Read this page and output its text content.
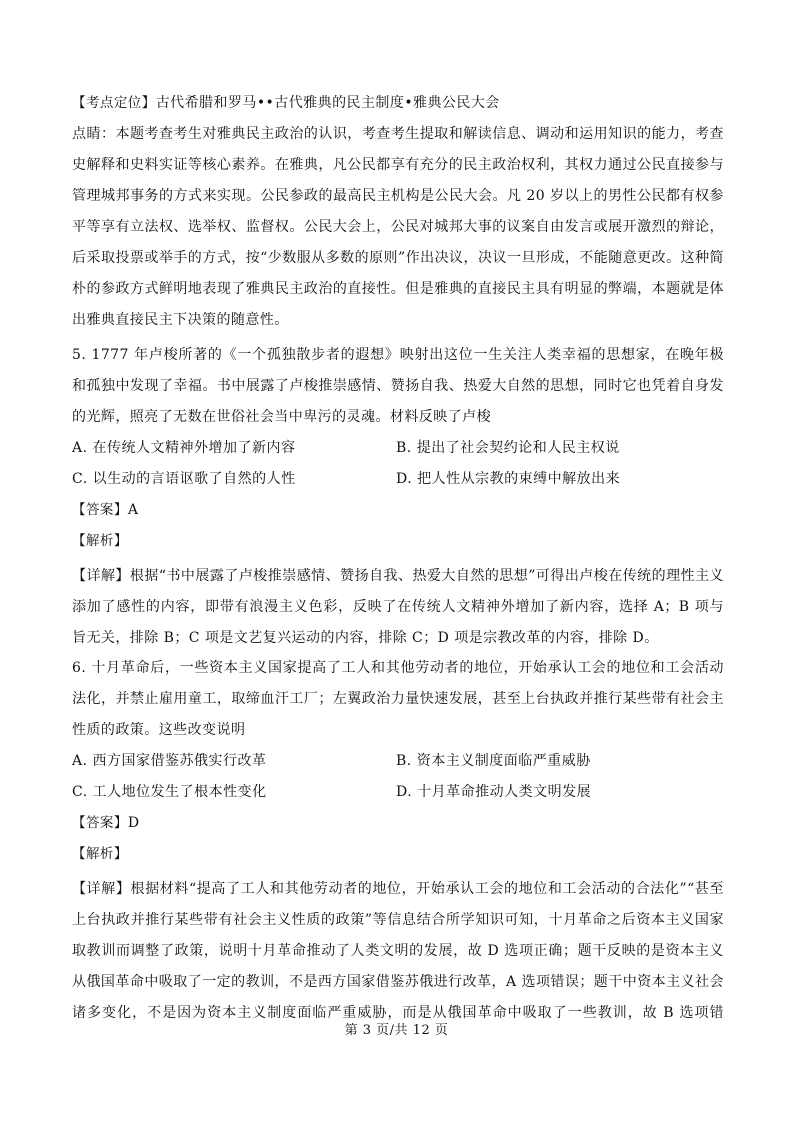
【考点定位】古代希腊和罗马••古代雅典的民主制度•雅典公民大会
点睛：本题考查考生对雅典民主政治的认识，考查考生提取和解读信息、调动和运用知识的能力，考查
史解释和史料实证等核心素养。在雅典，凡公民都享有充分的民主政治权利，其权力通过公民直接参与
管理城邦事务的方式来实现。公民参政的最高民主机构是公民大会。凡 20 岁以上的男性公民都有权参
平等享有立法权、选举权、监督权。公民大会上，公民对城邦大事的议案自由发言或展开激烈的辩论，
后采取投票或举手的方式，按“少数服从多数的原则”作出决议，决议一旦形成，不能随意更改。这种简
朴的参政方式鲜明地表现了雅典民主政治的直接性。但是雅典的直接民主具有明显的弊端，本题就是体
出雅典直接民主下决策的随意性。
5. 1777 年卢梭所著的《一个孤独散步者的遐想》映射出这位一生关注人类幸福的思想家，在晚年极
和孤独中发现了幸福。书中展露了卢梭推崇感情、赞扬自我、热爱大自然的思想，同时它也凭着自身发
的光辉，照亮了无数在世俗社会当中卑污的灵魂。材料反映了卢梭
A. 在传统人文精神外增加了新内容	B. 提出了社会契约论和人民主权说
C. 以生动的言语讴歌了自然的人性	D. 把人性从宗教的束缚中解放出来
【答案】A
【解析】
【详解】根据“书中展露了卢梭推崇感情、赞扬自我、热爱大自然的思想”可得出卢梭在传统的理性主义
添加了感性的内容，即带有浪漫主义色彩，反映了在传统人文精神外增加了新内容，选择 A；B 项与
旨无关，排除 B；C 项是文艺复兴运动的内容，排除 C；D 项是宗教改革的内容，排除 D。
6. 十月革命后，一些资本主义国家提高了工人和其他劳动者的地位，开始承认工会的地位和工会活动
法化，并禁止雇用童工，取缔血汗工厂；左翼政治力量快速发展，甚至上台执政并推行某些带有社会主
性质的政策。这些改变说明
A. 西方国家借鉴苏俄实行改革	B. 资本主义制度面临严重威胁
C. 工人地位发生了根本性变化	D. 十月革命推动人类文明发展
【答案】D
【解析】
【详解】根据材料“提高了工人和其他劳动者的地位，开始承认工会的地位和工会活动的合法化”“甚至
上台执政并推行某些带有社会主义性质的政策”等信息结合所学知识可知，十月革命之后资本主义国家
取教训而调整了政策，说明十月革命推动了人类文明的发展，故 D 选项正确；题干反映的是资本主义
从俄国革命中吸取了一定的教训，不是西方国家借鉴苏俄进行改革，A 选项错误；题干中资本主义社会
诸多变化，不是因为资本主义制度面临严重威胁，而是从俄国革命中吸取了一些教训，故 B 选项错
第 3 页/共 12 页
